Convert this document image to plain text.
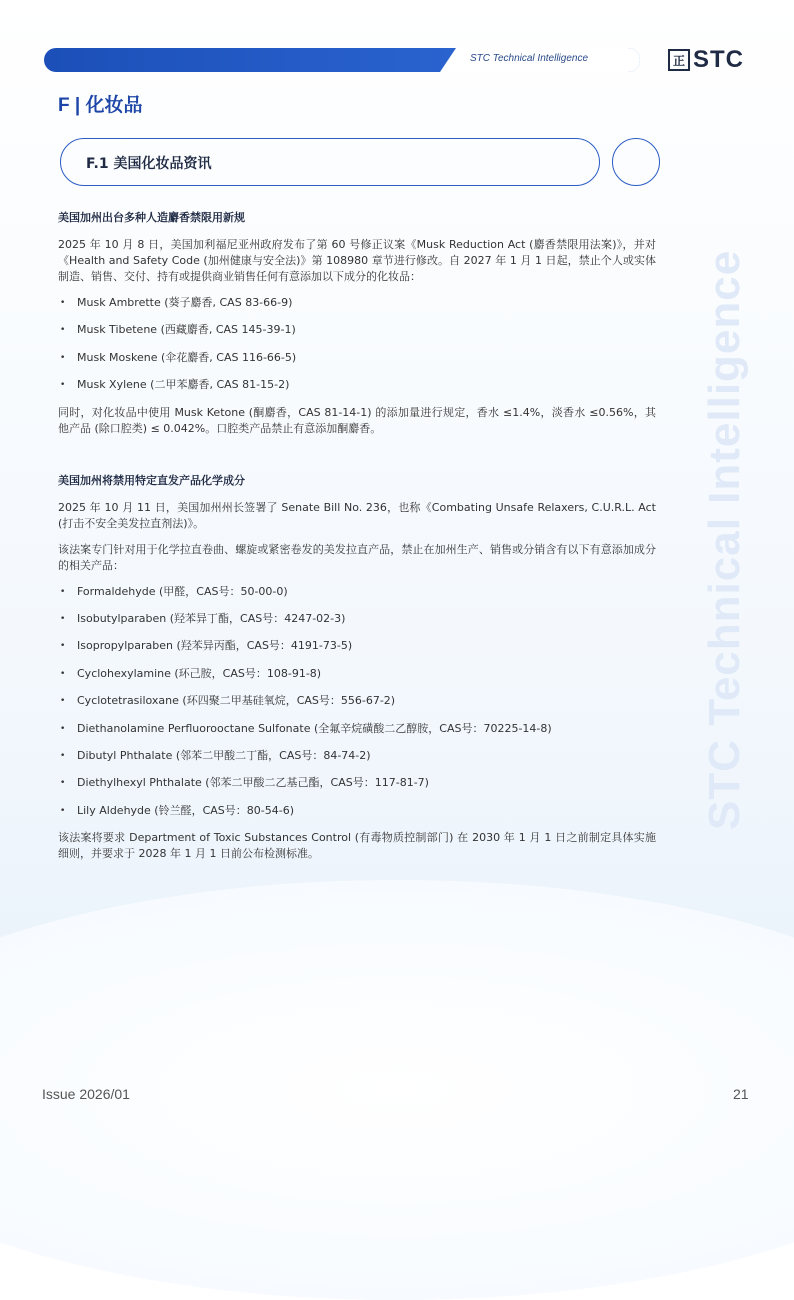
STC Technical Intelligence	正 STC
F | 化妆品
F.1 美国化妆品资讯
STC Technical Intelligence
美国加州出台多种人造麝香禁限用新规

2025 年 10 月 8 日，美国加利福尼亚州政府发布了第 60 号修正议案《Musk Reduction Act (麝香禁限用法案)》，并对《Health and Safety Code (加州健康与安全法)》第 108980 章节进行修改。自 2027 年 1 月 1 日起，禁止个人或实体制造、销售、交付、持有或提供商业销售任何有意添加以下成分的化妆品：

• Musk Ambrette (葵子麝香, CAS 83-66-9)
• Musk Tibetene (西藏麝香, CAS 145-39-1)
• Musk Moskene (伞花麝香, CAS 116-66-5)
• Musk Xylene (二甲苯麝香, CAS 81-15-2)

同时，对化妆品中使用 Musk Ketone (酮麝香，CAS 81-14-1) 的添加量进行规定，香水 ≤1.4%，淡香水 ≤0.56%，其他产品 (除口腔类) ≤ 0.042%。口腔类产品禁止有意添加酮麝香。

美国加州将禁用特定直发产品化学成分

2025 年 10 月 11 日，美国加州州长签署了 Senate Bill No. 236，也称《Combating Unsafe Relaxers, C.U.R.L. Act (打击不安全美发拉直剂法)》。

该法案专门针对用于化学拉直卷曲、螺旋或紧密卷发的美发拉直产品，禁止在加州生产、销售或分销含有以下有意添加成分的相关产品：

• Formaldehyde (甲醛，CAS号：50-00-0)
• Isobutylparaben (羟苯异丁酯，CAS号：4247-02-3)
• Isopropylparaben (羟苯异丙酯，CAS号：4191-73-5)
• Cyclohexylamine (环己胺，CAS号：108-91-8)
• Cyclotetrasiloxane (环四聚二甲基硅氧烷，CAS号：556-67-2)
• Diethanolamine Perfluorooctane Sulfonate (全氟辛烷磺酸二乙醇胺，CAS号：70225-14-8)
• Dibutyl Phthalate (邻苯二甲酸二丁酯，CAS号：84-74-2)
• Diethylhexyl Phthalate (邻苯二甲酸二乙基己酯，CAS号：117-81-7)
• Lily Aldehyde (铃兰醛，CAS号：80-54-6)

该法案将要求 Department of Toxic Substances Control (有毒物质控制部门) 在 2030 年 1 月 1 日之前制定具体实施细则，并要求于 2028 年 1 月 1 日前公布检测标准。

Issue 2026/01	21
